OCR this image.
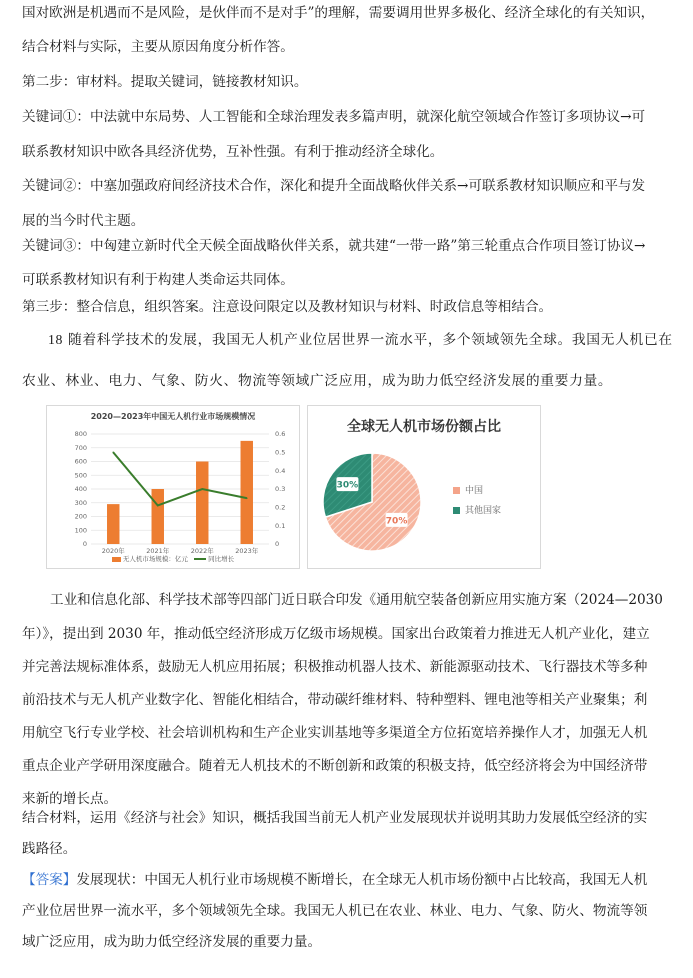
国对欧洲是机遇而不是风险，是伙伴而不是对手”的理解，需要调用世界多极化、经济全球化的有关知识，
结合材料与实际，主要从原因角度分析作答。
第二步：审材料。提取关键词，链接教材知识。
关键词①：中法就中东局势、人工智能和全球治理发表多篇声明，就深化航空领域合作签订多项协议→可
联系教材知识中欧各具经济优势，互补性强。有利于推动经济全球化。
关键词②：中塞加强政府间经济技术合作，深化和提升全面战略伙伴关系→可联系教材知识顺应和平与发
展的当今时代主题。
关键词③：中匈建立新时代全天候全面战略伙伴关系，就共建“一带一路”第三轮重点合作项目签订协议→
可联系教材知识有利于构建人类命运共同体。
第三步：整合信息，组织答案。注意设问限定以及教材知识与材料、时政信息等相结合。
18 随着科学技术的发展，我国无人机产业位居世界一流水平，多个领域领先全球。我国无人机已在
农业、林业、电力、气象、防火、物流等领域广泛应用，成为助力低空经济发展的重要力量。
2020—2023年中国无人机行业市场规模情况
0
100
200
300
400
500
600
700
800
0
0.1
0.2
0.3
0.4
0.5
0.6
2020年	2021年	2022年	2023年
无人机市场规模：亿元	同比增长
全球无人机市场份额占比
70%
30%
中国
其他国家
工业和信息化部、科学技术部等四部门近日联合印发《通用航空装备创新应用实施方案（2024—2030
年）》，提出到 2030 年，推动低空经济形成万亿级市场规模。国家出台政策着力推进无人机产业化，建立
并完善法规标准体系，鼓励无人机应用拓展；积极推动机器人技术、新能源驱动技术、飞行器技术等多种
前沿技术与无人机产业数字化、智能化相结合，带动碳纤维材料、特种塑料、锂电池等相关产业聚集；利
用航空飞行专业学校、社会培训机构和生产企业实训基地等多渠道全方位拓宽培养操作人才，加强无人机
重点企业产学研用深度融合。随着无人机技术的不断创新和政策的积极支持，低空经济将会为中国经济带
来新的增长点。
结合材料，运用《经济与社会》知识，概括我国当前无人机产业发展现状并说明其助力发展低空经济的实
践路径。
【答案】发展现状：中国无人机行业市场规模不断增长，在全球无人机市场份额中占比较高，我国无人机
产业位居世界一流水平，多个领域领先全球。我国无人机已在农业、林业、电力、气象、防火、物流等领
域广泛应用，成为助力低空经济发展的重要力量。
